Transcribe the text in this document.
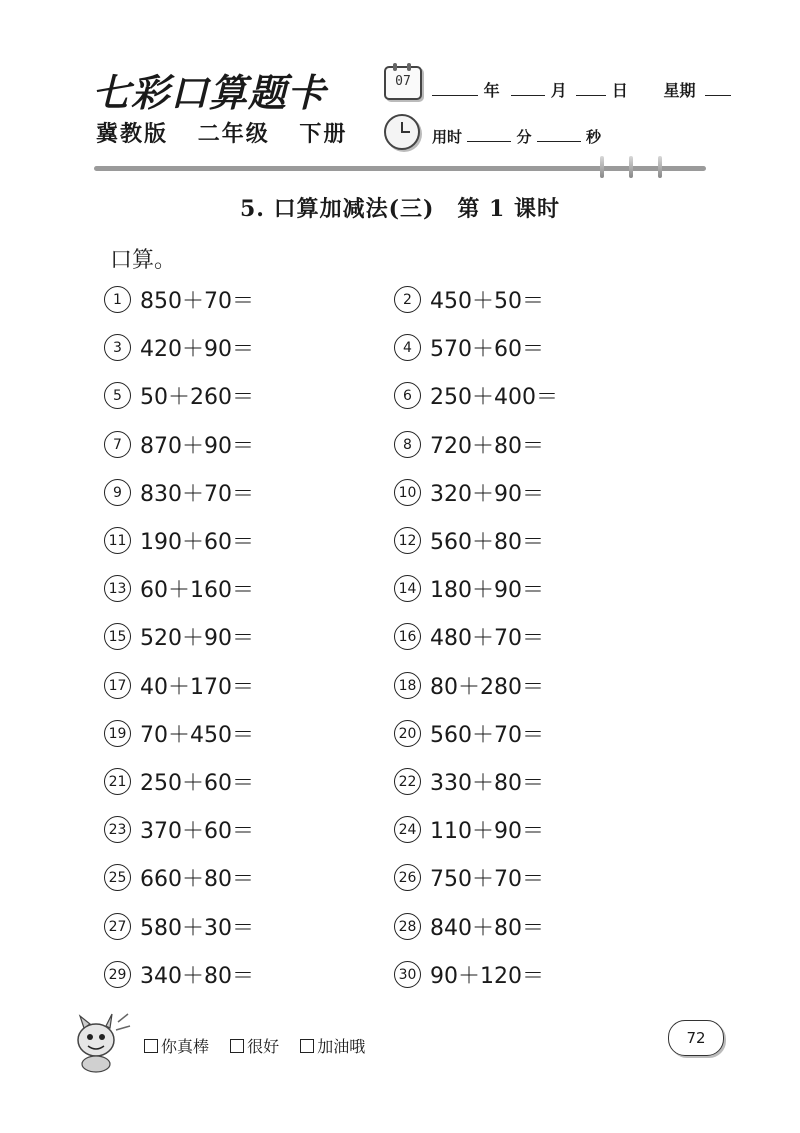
七彩口算题卡
冀教版 二年级 下册
07	年	月	日 星期
用时	分	秒

5. 口算加减法(三)　第 1 课时
口算。
1 850＋70＝	2 450＋50＝
3 420＋90＝	4 570＋60＝
5 50＋260＝	6 250＋400＝
7 870＋90＝	8 720＋80＝
9 830＋70＝	10 320＋90＝
11 190＋60＝	12 560＋80＝
13 60＋160＝	14 180＋90＝
15 520＋90＝	16 480＋70＝
17 40＋170＝	18 80＋280＝
19 70＋450＝	20 560＋70＝
21 250＋60＝	22 330＋80＝
23 370＋60＝	24 110＋90＝
25 660＋80＝	26 750＋70＝
27 580＋30＝	28 840＋80＝
29 340＋80＝	30 90＋120＝
你真棒 很好 加油哦	72
